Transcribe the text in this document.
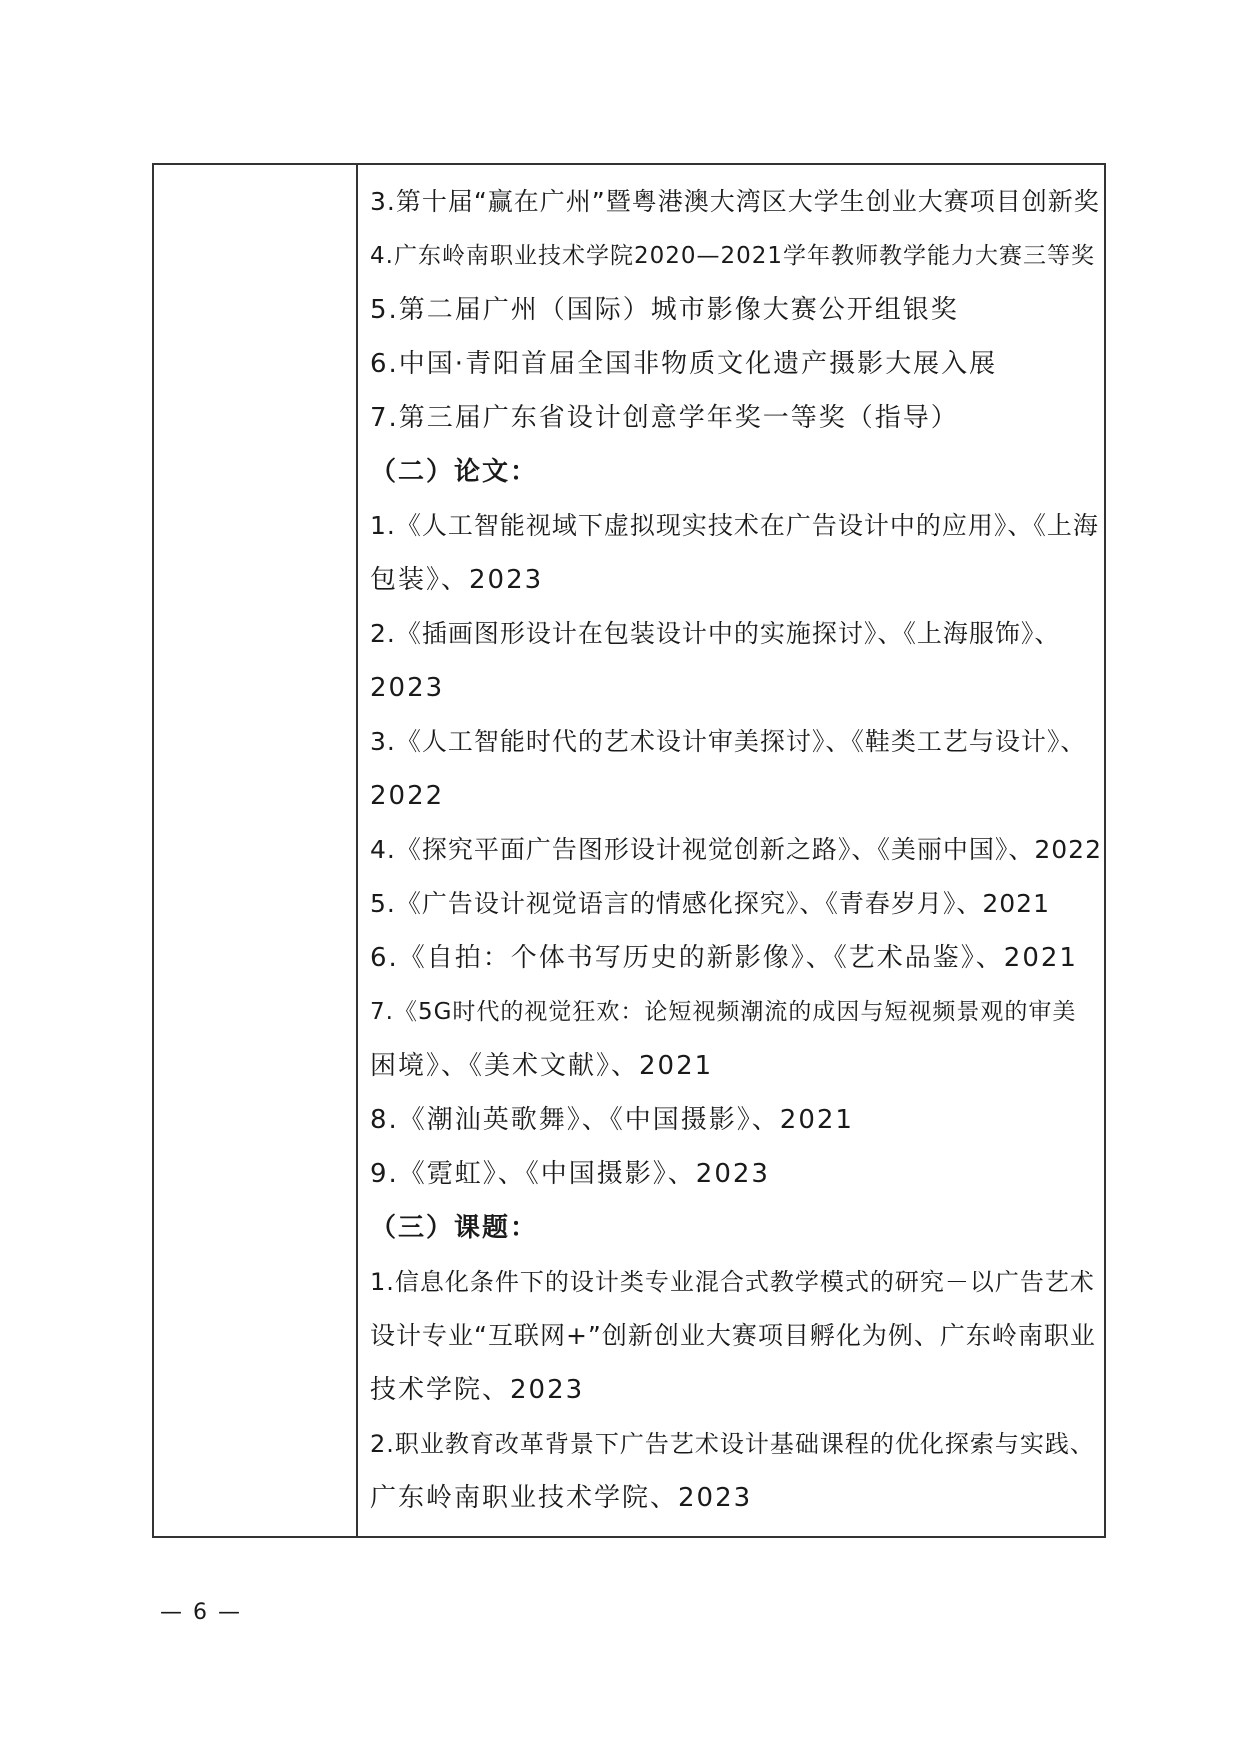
3.第十届“赢在广州”暨粤港澳大湾区大学生创业大赛项目创新奖
4.广东岭南职业技术学院2020—2021学年教师教学能力大赛三等奖
5.第二届广州（国际）城市影像大赛公开组银奖
6.中国·青阳首届全国非物质文化遗产摄影大展入展
7.第三届广东省设计创意学年奖一等奖（指导）
（二）论文：
1.《人工智能视域下虚拟现实技术在广告设计中的应用》、《上海
包装》、2023
2.《插画图形设计在包装设计中的实施探讨》、《上海服饰》、
2023
3.《人工智能时代的艺术设计审美探讨》、《鞋类工艺与设计》、
2022
4.《探究平面广告图形设计视觉创新之路》、《美丽中国》、2022
5.《广告设计视觉语言的情感化探究》、《青春岁月》、2021
6.《自拍：个体书写历史的新影像》、《艺术品鉴》、2021
7.《5G时代的视觉狂欢：论短视频潮流的成因与短视频景观的审美
困境》、《美术文献》、2021
8.《潮汕英歌舞》、《中国摄影》、2021
9.《霓虹》、《中国摄影》、2023
（三）课题：
1.信息化条件下的设计类专业混合式教学模式的研究－以广告艺术
设计专业“互联网+”创新创业大赛项目孵化为例、广东岭南职业
技术学院、2023
2.职业教育改革背景下广告艺术设计基础课程的优化探索与实践、
广东岭南职业技术学院、2023
— 6 —
